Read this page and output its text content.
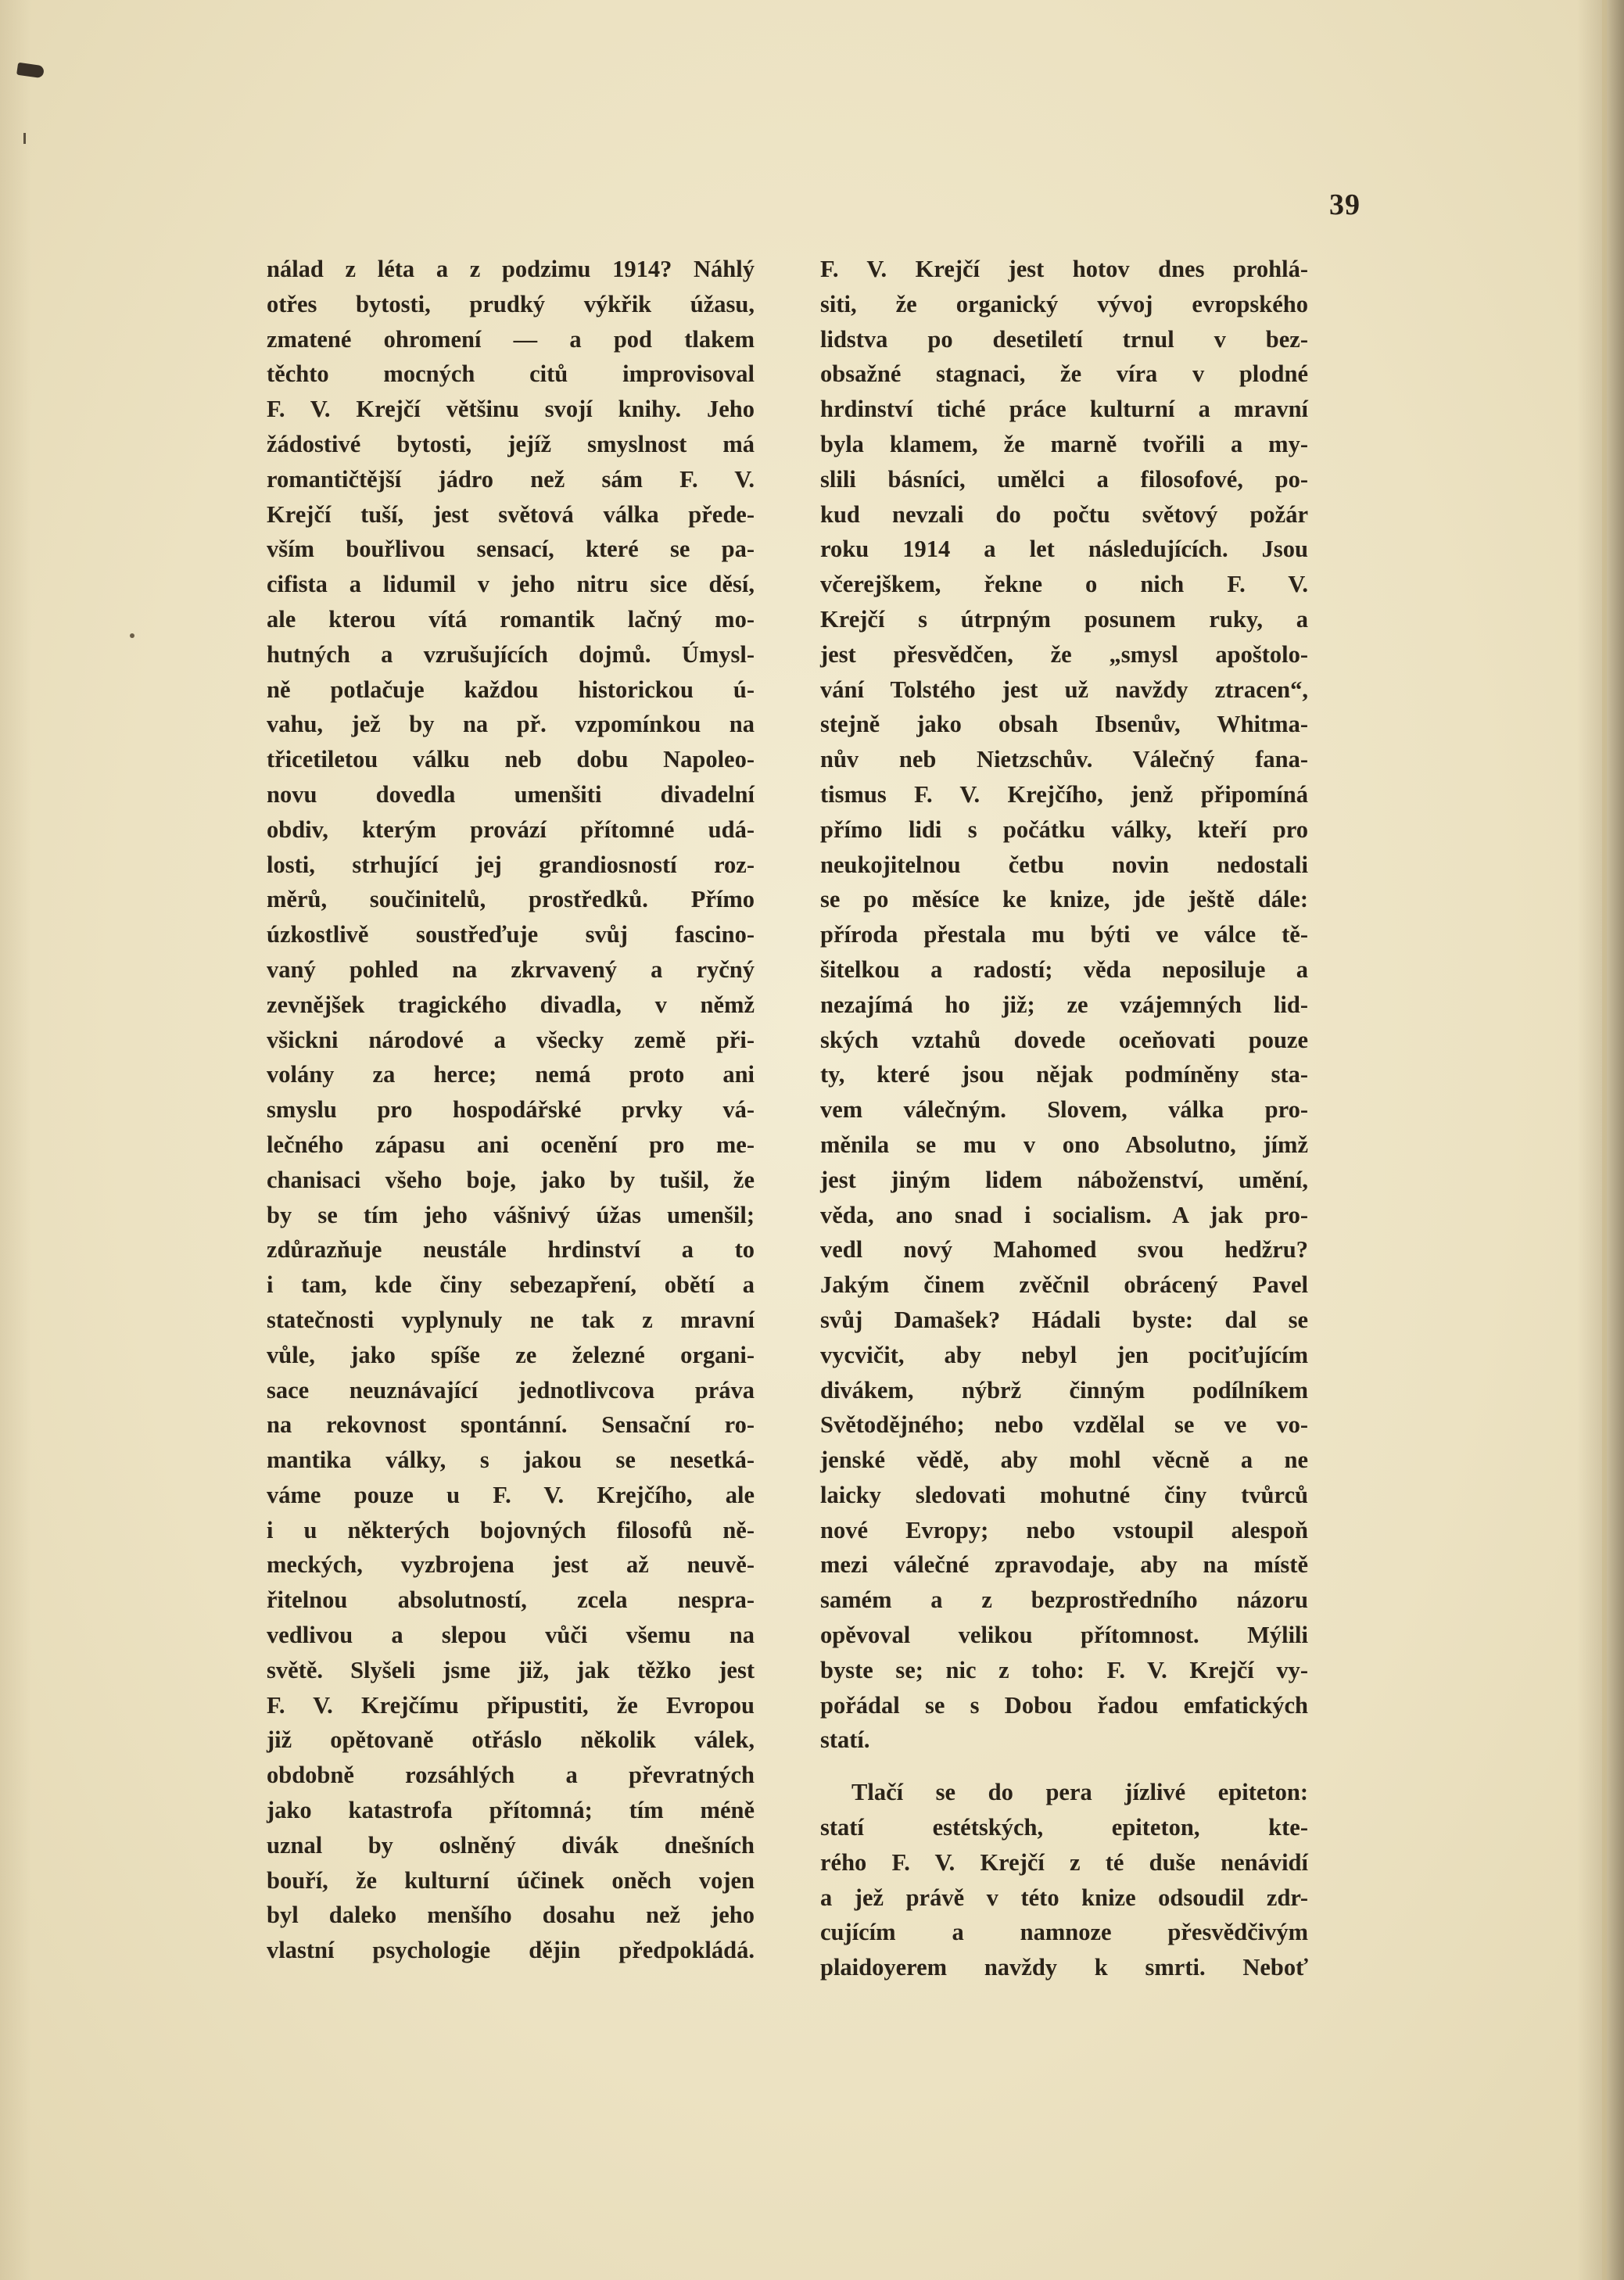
39
nálad z léta a z podzimu 1914? Náhlý
otřes bytosti, prudký výkřik úžasu,
zmatené ohromení — a pod tlakem
těchto mocných citů improvisoval
F. V. Krejčí většinu svojí knihy. Jeho
žádostivé bytosti, jejíž smyslnost má
romantičtější jádro než sám F. V.
Krejčí tuší, jest světová válka přede-
vším bouřlivou sensací, které se pa-
cifista a lidumil v jeho nitru sice děsí,
ale kterou vítá romantik lačný mo-
hutných a vzrušujících dojmů. Úmysl-
ně potlačuje každou historickou ú-
vahu, jež by na př. vzpomínkou na
třicetiletou válku neb dobu Napoleo-
novu dovedla umenšiti divadelní
obdiv, kterým provází přítomné udá-
losti, strhující jej grandiosností roz-
měrů, součinitelů, prostředků. Přímo
úzkostlivě soustřeďuje svůj fascino-
vaný pohled na zkrvavený a ryčný
zevnějšek tragického divadla, v němž
všickni národové a všecky země při-
volány za herce; nemá proto ani
smyslu pro hospodářské prvky vá-
lečného zápasu ani ocenění pro me-
chanisaci všeho boje, jako by tušil, že
by se tím jeho vášnivý úžas umenšil;
zdůrazňuje neustále hrdinství a to
i tam, kde činy sebezapření, obětí a
statečnosti vyplynuly ne tak z mravní
vůle, jako spíše ze železné organi-
sace neuznávající jednotlivcova práva
na rekovnost spontánní. Sensační ro-
mantika války, s jakou se nesetká-
váme pouze u F. V. Krejčího, ale
i u některých bojovných filosofů ně-
meckých, vyzbrojena jest až neuvě-
řitelnou absolutností, zcela nespra-
vedlivou a slepou vůči všemu na
světě. Slyšeli jsme již, jak těžko jest
F. V. Krejčímu připustiti, že Evropou
již opětovaně otřáslo několik válek,
obdobně rozsáhlých a převratných
jako katastrofa přítomná; tím méně
uznal by oslněný divák dnešních
bouří, že kulturní účinek oněch vojen
byl daleko menšího dosahu než jeho
vlastní psychologie dějin předpokládá.
F. V. Krejčí jest hotov dnes prohlá-
siti, že organický vývoj evropského
lidstva po desetiletí trnul v bez-
obsažné stagnaci, že víra v plodné
hrdinství tiché práce kulturní a mravní
byla klamem, že marně tvořili a my-
slili básníci, umělci a filosofové, po-
kud nevzali do počtu světový požár
roku 1914 a let následujících. Jsou
včerejškem, řekne o nich F. V.
Krejčí s útrpným posunem ruky, a
jest přesvědčen, že „smysl apoštolo-
vání Tolstého jest už navždy ztracen“,
stejně jako obsah Ibsenův, Whitma-
nův neb Nietzschův. Válečný fana-
tismus F. V. Krejčího, jenž připomíná
přímo lidi s počátku války, kteří pro
neukojitelnou četbu novin nedostali
se po měsíce ke knize, jde ještě dále:
příroda přestala mu býti ve válce tě-
šitelkou a radostí; věda neposiluje a
nezajímá ho již; ze vzájemných lid-
ských vztahů dovede oceňovati pouze
ty, které jsou nějak podmíněny sta-
vem válečným. Slovem, válka pro-
měnila se mu v ono Absolutno, jímž
jest jiným lidem náboženství, umění,
věda, ano snad i socialism. A jak pro-
vedl nový Mahomed svou hedžru?
Jakým činem zvěčnil obrácený Pavel
svůj Damašek? Hádali byste: dal se
vycvičit, aby nebyl jen pociťujícím
divákem, nýbrž činným podílníkem
Světodějného; nebo vzdělal se ve vo-
jenské vědě, aby mohl věcně a ne
laicky sledovati mohutné činy tvůrců
nové Evropy; nebo vstoupil alespoň
mezi válečné zpravodaje, aby na místě
samém a z bezprostředního názoru
opěvoval velikou přítomnost. Mýlili
byste se; nic z toho: F. V. Krejčí vy-
pořádal se s Dobou řadou emfatických
statí.
Tlačí se do pera jízlivé epiteton:
statí estétských, epiteton, kte-
rého F. V. Krejčí z té duše nenávidí
a jež právě v této knize odsoudil zdr-
cujícím a namnoze přesvědčivým
plaidoyerem navždy k smrti. Neboť
